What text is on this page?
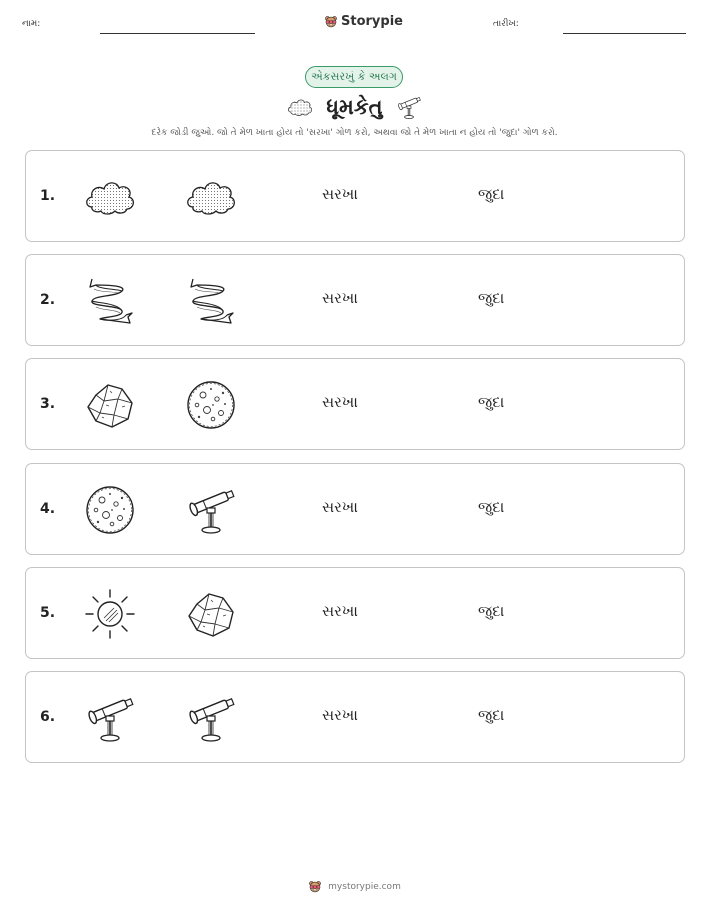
નામ:	Storypie	તારીખ:
એકસરખું કે અલગ
ધૂમકેતુ
દરેક જોડી જુઓ. જો તે મેળ ખાતા હોય તો 'સરખા' ગોળ કરો, અથવા જો તે મેળ ખાતા ન હોય તો 'જુદા' ગોળ કરો.
1.	સરખા	જુદા
2.	સરખા	જુદા
3.	સરખા	જુદા
4.	સરખા	જુદા
5.	સરખા	જુદા
6.	સરખા	જુદા
mystorypie.com
